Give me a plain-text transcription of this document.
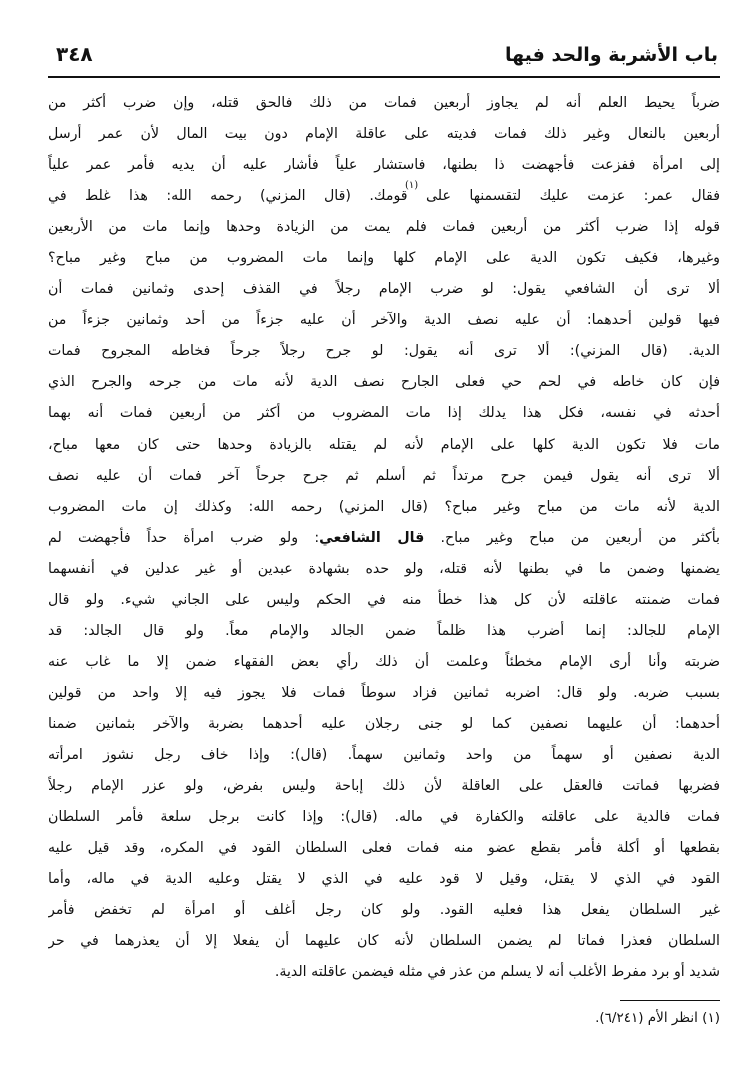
باب الأشربة والحد فيها
٣٤٨
ضرباً يحيط العلم أنه لم يجاوز أربعين فمات من ذلك فالحق قتله، وإن ضرب أكثر من
أربعين بالنعال وغير ذلك فمات فديته على عاقلة الإمام دون بيت المال لأن عمر أرسل
إلى امرأة ففزعت فأجهضت ذا بطنها، فاستشار علياً فأشار عليه أن يديه فأمر عمر علياً
فقال عمر: عزمت عليك لتقسمنها على قومك. (قال المزني) رحمه الله: هذا غلط في
قوله إذا ضرب أكثر من أربعين فمات فلم يمت من الزيادة وحدها وإنما مات من الأربعين
وغيرها، فكيف تكون الدية على الإمام كلها وإنما مات المضروب من مباح وغير مباح؟
ألا ترى أن الشافعي يقول: لو ضرب الإمام رجلاً في القذف إحدى وثمانين فمات أن
فيها قولين أحدهما: أن عليه نصف الدية والآخر أن عليه جزءاً من أحد وثمانين جزءاً من
الدية. (قال المزني): ألا ترى أنه يقول: لو جرح رجلاً جرحاً فخاطه المجروح فمات
فإن كان خاطه في لحم حي فعلى الجارح نصف الدية لأنه مات من جرحه والجرح الذي
أحدثه في نفسه، فكل هذا يدلك إذا مات المضروب من أكثر من أربعين فمات أنه بهما
مات فلا تكون الدية كلها على الإمام لأنه لم يقتله بالزيادة وحدها حتى كان معها مباح،
ألا ترى أنه يقول فيمن جرح مرتداً ثم أسلم ثم جرح جرحاً آخر فمات أن عليه نصف
الدية لأنه مات من مباح وغير مباح؟ (قال المزني) رحمه الله: وكذلك إن مات المضروب
بأكثر من أربعين من مباح وغير مباح. قال الشافعي: ولو ضرب امرأة حداً فأجهضت لم
يضمنها وضمن ما في بطنها لأنه قتله، ولو حده بشهادة عبدين أو غير عدلين في أنفسهما
فمات ضمنته عاقلته لأن كل هذا خطأ منه في الحكم وليس على الجاني شيء. ولو قال
الإمام للجالد: إنما أضرب هذا ظلماً ضمن الجالد والإمام معاً. ولو قال الجالد: قد
ضربته وأنا أرى الإمام مخطئاً وعلمت أن ذلك رأي بعض الفقهاء ضمن إلا ما غاب عنه
بسبب ضربه. ولو قال: اضربه ثمانين فزاد سوطاً فمات فلا يجوز فيه إلا واحد من قولين
أحدهما: أن عليهما نصفين كما لو جنى رجلان عليه أحدهما بضربة والآخر بثمانين ضمنا
الدية نصفين أو سهماً من واحد وثمانين سهماً. (قال): وإذا خاف رجل نشوز امرأته
فضربها فماتت فالعقل على العاقلة لأن ذلك إباحة وليس بفرض، ولو عزر الإمام رجلاً
فمات فالدية على عاقلته والكفارة في ماله. (قال): وإذا كانت برجل سلعة فأمر السلطان
بقطعها أو أكلة فأمر بقطع عضو منه فمات فعلى السلطان القود في المكره، وقد قيل عليه
القود في الذي لا يقتل، وقيل لا قود عليه في الذي لا يقتل وعليه الدية في ماله، وأما
غير السلطان يفعل هذا فعليه القود. ولو كان رجل أغلف أو امرأة لم تخفض فأمر
السلطان فعذرا فماتا لم يضمن السلطان لأنه كان عليهما أن يفعلا إلا أن يعذرهما في حر
شديد أو برد مفرط الأغلب أنه لا يسلم من عذر في مثله فيضمن عاقلته الدية.
(١)
(١) انظر الأم (٦/٢٤١).
